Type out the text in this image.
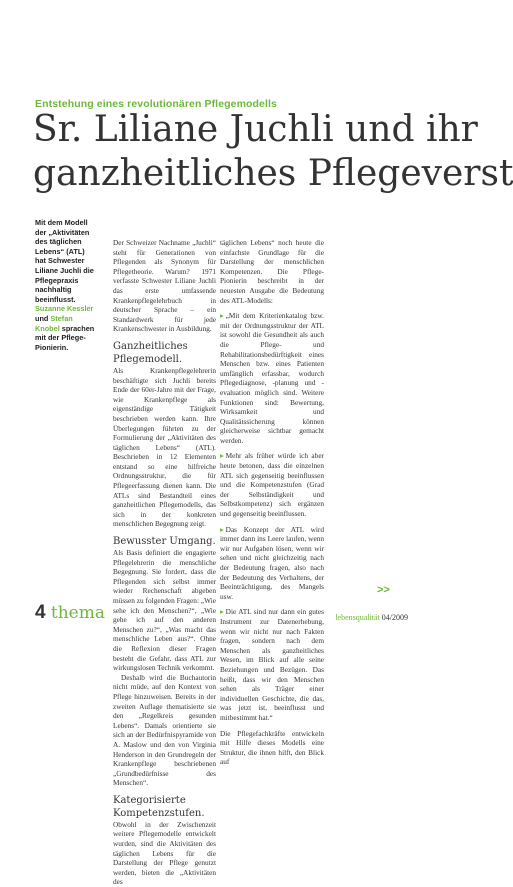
Entstehung eines revolutionären Pflegemodells
Sr. Liliane Juchli und ihr
ganzheitliches Pflegeverst
Mit dem Modell der „Aktivitäten des täglichen Lebens“ (ATL) hat Schwester Liliane Juchli die Pflegepraxis nachhaltig beeinflusst. Suzanne Kessler und Stefan Knobel sprachen mit der Pflege-Pionierin.

Der Schweizer Nachname „Juchli“ steht für Generationen von Pflegenden als Synonym für Pflegetheorie. Warum? 1971 verfasste Schwester Liliane Juchli das erste umfassende Krankenpflegelehrbuch in deutscher Sprache – ein Standardwerk für jede Krankenschwester in Ausbildung.

Ganzheitliches Pflegemodell.

Als Krankenpflegelehrerin beschäftigte sich Juchli bereits Ende der 60er-Jahre mit der Frage, wie Krankenpflege als eigenständige Tätigkeit beschrieben werden kann. Ihre Überlegungen führten zu der Formulierung der „Aktivitäten des täglichen Lebens“ (ATL). Beschrieben in 12 Elementen entstand so eine hilfreiche Ordnungsstruktur, die für Pflegeerfassung dienen kann. Die ATLs sind Bestandteil eines ganzheitlichen Pflegemodells, das sich in der konkreten menschlichen Begegnung zeigt.

Bewusster Umgang.

Als Basis definiert die engagierte Pflegelehrerin die menschliche Begegnung. Sie fordert, dass die Pflegenden sich selbst immer wieder Rechenschaft abgeben müssen zu folgenden Fragen: „Wie sehe ich den Menschen?“, „Wie gehe ich auf den anderen Menschen zu?“, „Was macht das menschliche Leben aus?“. Ohne die Reflexion dieser Fragen besteht die Gefahr, dass ATL zur wirkungslosen Technik verkommt.

Deshalb wird die Buchautorin nicht müde, auf den Kontext von Pflege hinzuweisen. Bereits in der zweiten Auflage thematisierte sie den „Regelkreis gesunden Lebens“. Damals orientierte sie sich an der Bedürfnispyramide von A. Maslow und den von Virginia Henderson in den Grundregeln der Krankenpflege beschriebenen „Grundbedürfnisse des Menschen“.

Kategorisierte Kompetenzstufen.

Obwohl in der Zwischenzeit weitere Pflegemodelle entwickelt wurden, sind die Aktivitäten des täglichen Lebens für die Darstellung der Pflege genutzt werden, bieten die „Aktivitäten des

täglichen Lebens“ noch heute die einfachste Grundlage für die Darstellung der menschlichen Kompetenzen. Die Pflege-Pionierin beschreibt in der neuesten Ausgabe die Bedeutung des ATL-Modells:

▸ „Mit dem Kriterienkatalog bzw. mit der Ordnungsstruktur der ATL ist sowohl die Gesundheit als auch die Pflege- und Rehabilitationsbedürftigkeit eines Menschen bzw. eines Patienten umfänglich erfassbar, wodurch Pflegediagnose, -planung und -evaluation möglich sind. Weitere Funktionen sind: Bewertung, Wirksamkeit und Qualitätssicherung können gleicherweise sichtbar gemacht werden.
▸ Mehr als früher würde ich aber heute betonen, dass die einzelnen ATL sich gegenseitig beeinflussen und die Kompetenzstufen (Grad der Selbständigkeit und Selbstkompetenz) sich ergänzen und gegenseitig beeinflussen.
▸ Das Konzept der ATL wird immer dann ins Leere laufen, wenn wir nur Aufgaben lösen, wenn wir sehen und nicht gleichzeitig nach der Bedeutung fragen, also nach der Bedeutung des Verhaltens, der Beeinträchtigung, des Mangels usw.
▸ Die ATL sind nur dann ein gutes Instrument zur Datenerhebung, wenn wir nicht nur nach Fakten fragen, sondern nach dem Menschen als ganzheitliches Wesen, im Blick auf alle seine Beziehungen und Bezügen. Das heißt, dass wir den Menschen sehen als Träger einer individuellen Geschichte, die das, was jetzt ist, beeinflusst und mitbestimmt hat.“

Die Pflegefachkräfte entwickeln mit Hilfe dieses Modells eine Struktur, die ihnen hilft, den Blick auf

>>
4 thema	lebensqualität 04/2009
